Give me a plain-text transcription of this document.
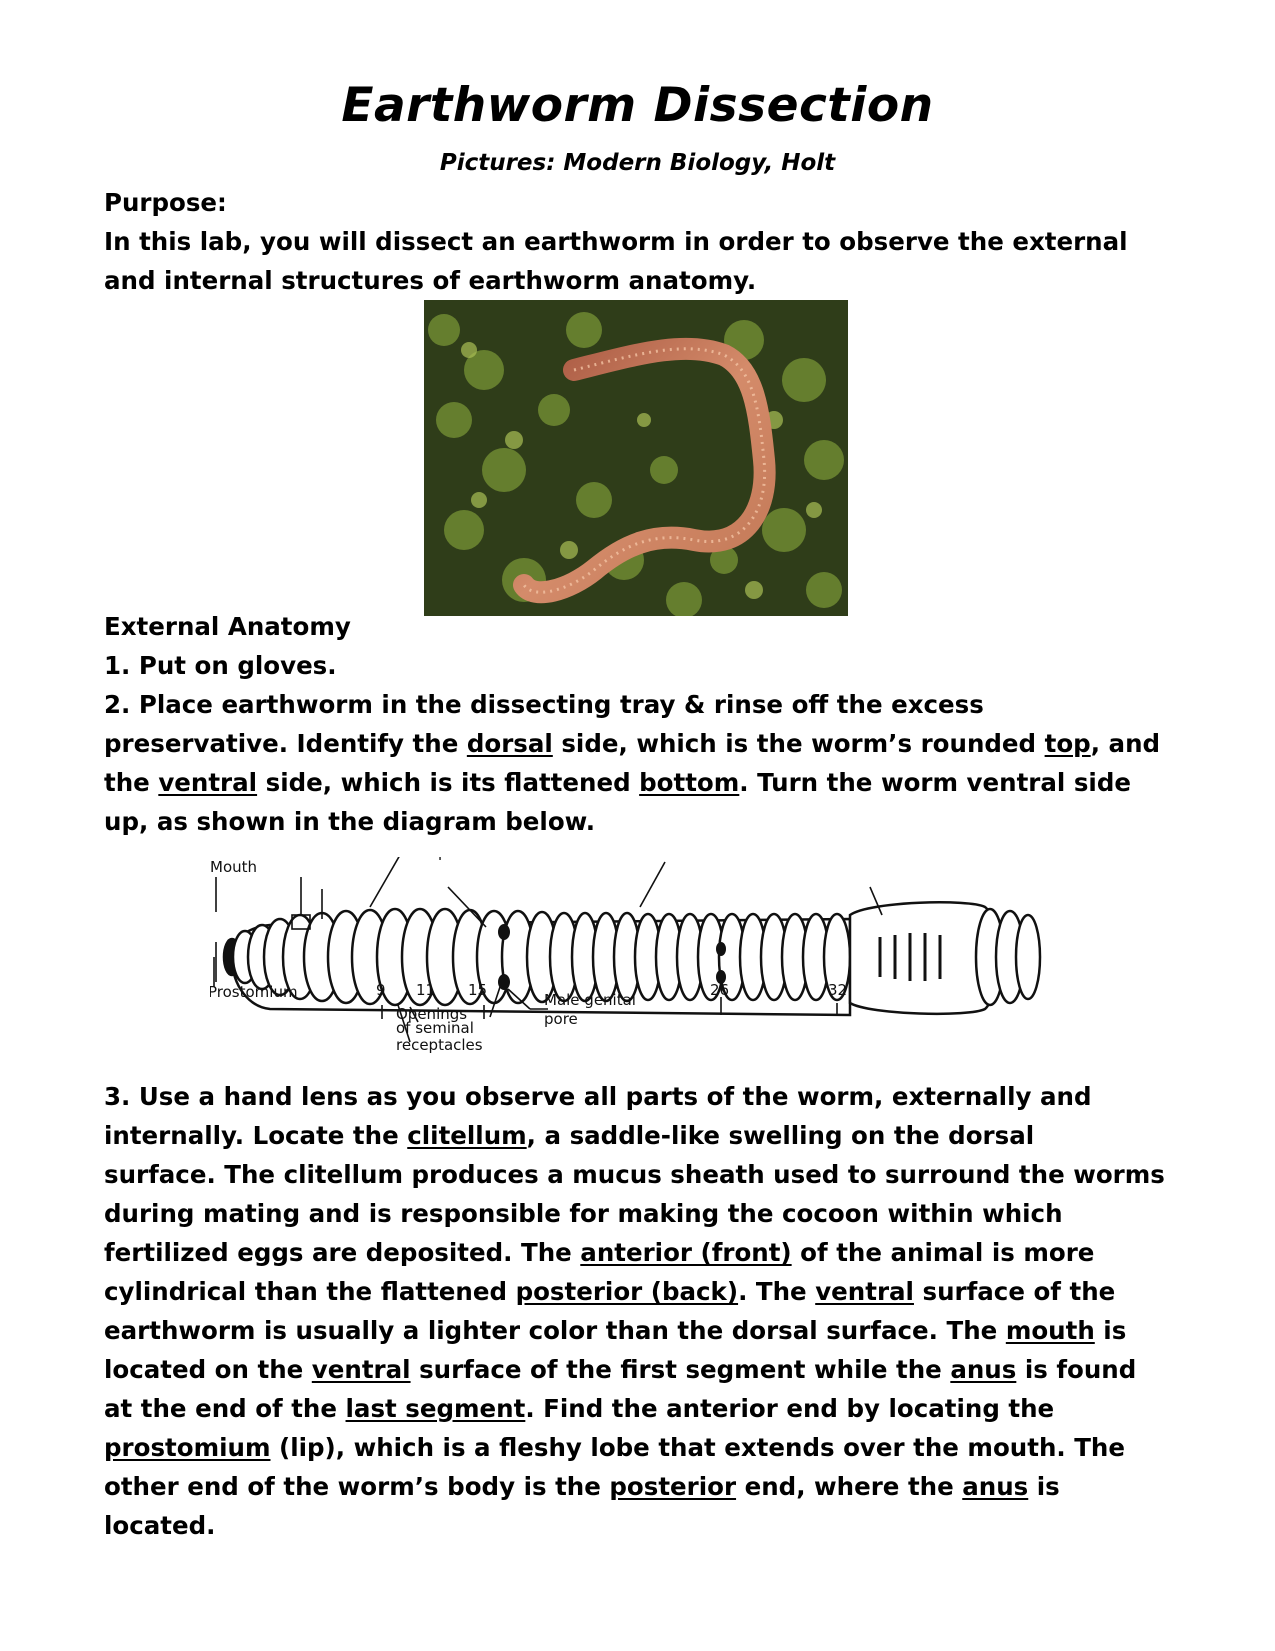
Earthworm Dissection
Pictures: Modern Biology, Holt
Purpose:
In this lab, you will dissect an earthworm in order to observe the external
and internal structures of earthworm anatomy.
External Anatomy
1. Put on gloves.
2. Place earthworm in the dissecting tray & rinse off the excess
preservative. Identify the dorsal side, which is the worm’s rounded top, and
the ventral side, which is its flattened bottom. Turn the worm ventral side
up, as shown in the diagram below.
Mouth
Prostomium
1
9 11 15	26	32
Male genital
pore
Openings
of seminal
receptacles
3. Use a hand lens as you observe all parts of the worm, externally and
internally. Locate the clitellum, a saddle-like swelling on the dorsal
surface. The clitellum produces a mucus sheath used to surround the worms
during mating and is responsible for making the cocoon within which
fertilized eggs are deposited. The anterior (front) of the animal is more
cylindrical than the flattened posterior (back). The ventral surface of the
earthworm is usually a lighter color than the dorsal surface. The mouth is
located on the ventral surface of the first segment while the anus is found
at the end of the last segment. Find the anterior end by locating the
prostomium (lip), which is a fleshy lobe that extends over the mouth. The
other end of the worm’s body is the posterior end, where the anus is
located.
